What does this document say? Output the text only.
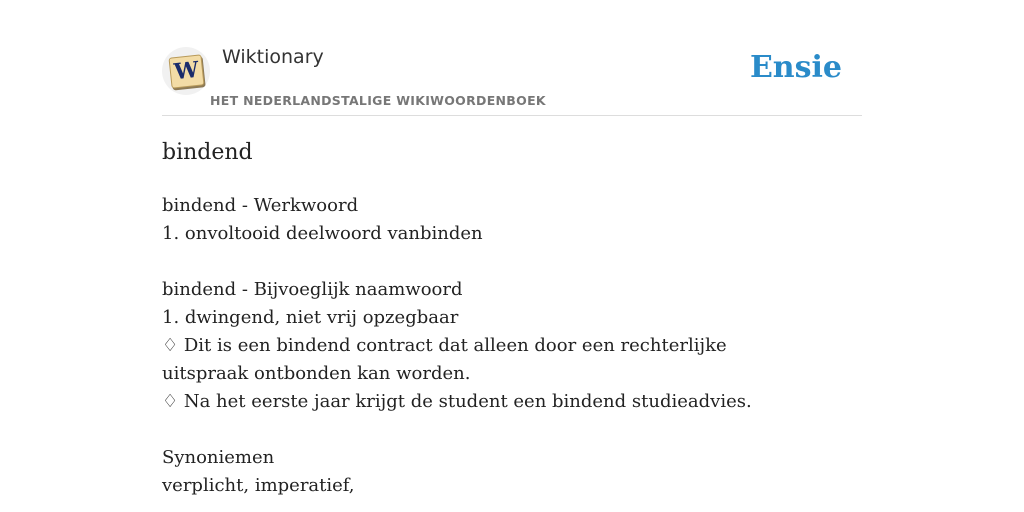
W Wiktionary
HET NEDERLANDSTALIGE WIKIWOORDENBOEK
Ensie
bindend
bindend - Werkwoord
1. onvoltooid deelwoord vanbinden
bindend - Bijvoeglijk naamwoord
1. dwingend, niet vrij opzegbaar
♢ Dit is een bindend contract dat alleen door een rechterlijke uitspraak ontbonden kan worden.
♢ Na het eerste jaar krijgt de student een bindend studieadvies.
Synoniemen
verplicht, imperatief,
